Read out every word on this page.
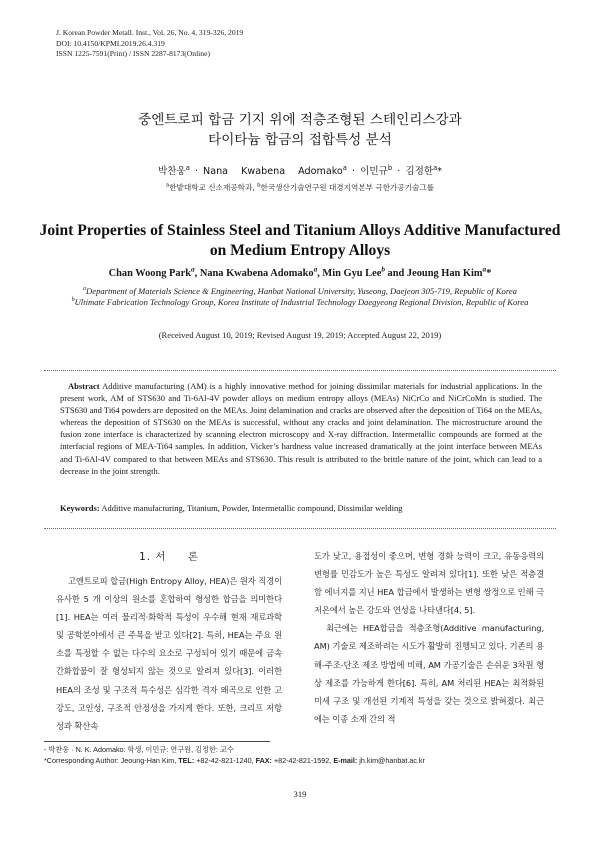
J. Korean Powder Metall. Inst., Vol. 26, No. 4, 319-326, 2019
DOI: 10.4150/KPMI.2019.26.4.319
ISSN 1225-7591(Print) / ISSN 2287-8173(Online)
중엔트로피 합금 기지 위에 적층조형된 스테인리스강과
타이타늄 합금의 접합특성 분석
박찬웅$^a$ · Nana Kwabena Adomako$^a$ · 이민규$^b$ · 김정한$^a$*
$^a$한밭대학교 신소재공학과, $^b$한국생산기술연구원 대경지역본부 극한가공기술그룹
Joint Properties of Stainless Steel and Titanium Alloys Additive Manufactured
on Medium Entropy Alloys
Chan Woong Park$^a$, Nana Kwabena Adomako$^a$, Min Gyu Lee$^b$ and Jeoung Han Kim$^a$*
$^a$Department of Materials Science & Engineering, Hanbat National University, Yuseong, Daejeon 305-719, Republic of Korea
$^b$Ultimate Fabrication Technology Group, Korea Institute of Industrial Technology Daegyeong Regional Division, Republic of Korea
(Received August 10, 2019; Revised August 19, 2019; Accepted August 22, 2019)
Abstract Additive manufacturing (AM) is a highly innovative method for joining dissimilar materials for industrial applications. In the present work, AM of STS630 and Ti-6Al-4V powder alloys on medium entropy alloys (MEAs) NiCrCo and NiCrCoMn is studied. The STS630 and Ti64 powders are deposited on the MEAs. Joint delamination and cracks are observed after the deposition of Ti64 on the MEAs, whereas the deposition of STS630 on the MEAs is successful, without any cracks and joint delamination. The microstructure around the fusion zone interface is characterized by scanning electron microscopy and X-ray diffraction. Intermetallic compounds are formed at the interfacial regions of MEA-Ti64 samples. In addition, Vicker’s hardness value increased dramatically at the joint interface between MEAs and Ti-6Al-4V compared to that between MEAs and STS630. This result is attributed to the brittle nature of the joint, which can lead to a decrease in the joint strength.
Keywords: Additive manufacturing, Titanium, Powder, Intermetallic compound, Dissimilar welding
1. 서     론

고엔트로피 합금(High Entropy Alloy, HEA)은 원자 직경이 유사한 5 개 이상의 원소를 혼합하여 형성한 합금을 의미한다[1]. HEA는 여러 물리적·화학적 특성이 우수해 현재 재료과학 및 공학분야에서 큰 주목을 받고 있다[2]. 특히, HEA는 주요 원소를 특정할 수 없는 다수의 요소로 구성되어 있기 때문에 금속간화합물이 잘 형성되지 않는 것으로 알려져 있다[3]. 이러한 HEA의 조성 및 구조적 특수성은 심각한 격자 왜곡으로 인한 고강도, 고인성, 구조적 안정성을 가지게 한다. 또한, 크리프 저항성과 확산속

도가 낮고, 용접성이 좋으며, 변형 경화 능력이 크고, 유동응력의 변형률 민감도가 높은 특성도 알려져 있다[1]. 또한 낮은 적층결함 에너지를 지닌 HEA 합금에서 발생하는 변형 쌍정으로 인해 극저온에서 높은 강도와 연성을 나타낸다[4, 5].

최근에는 HEA합금을 적층조형(Additive manufacturing, AM) 기술로 제조하려는 시도가 활발히 진행되고 있다. 기존의 용해-주조-단조 제조 방법에 비해, AM 가공기술은 손쉬운 3차원 형상 제조를 가능하게 한다[6]. 특히, AM 처리된 HEA는 최적화된 미세 구조 및 개선된 기계적 특성을 갖는 것으로 밝혀졌다. 최근에는 이종 소재 간의 적

- 박찬웅 · N. K. Adomako: 학생, 이민규: 연구원, 김정한: 교수
*Corresponding Author: Jeoung-Han Kim, TEL: +82-42-821-1240, FAX: +82-42-821-1592, E-mail: jh.kim@hanbat.ac.kr
319
